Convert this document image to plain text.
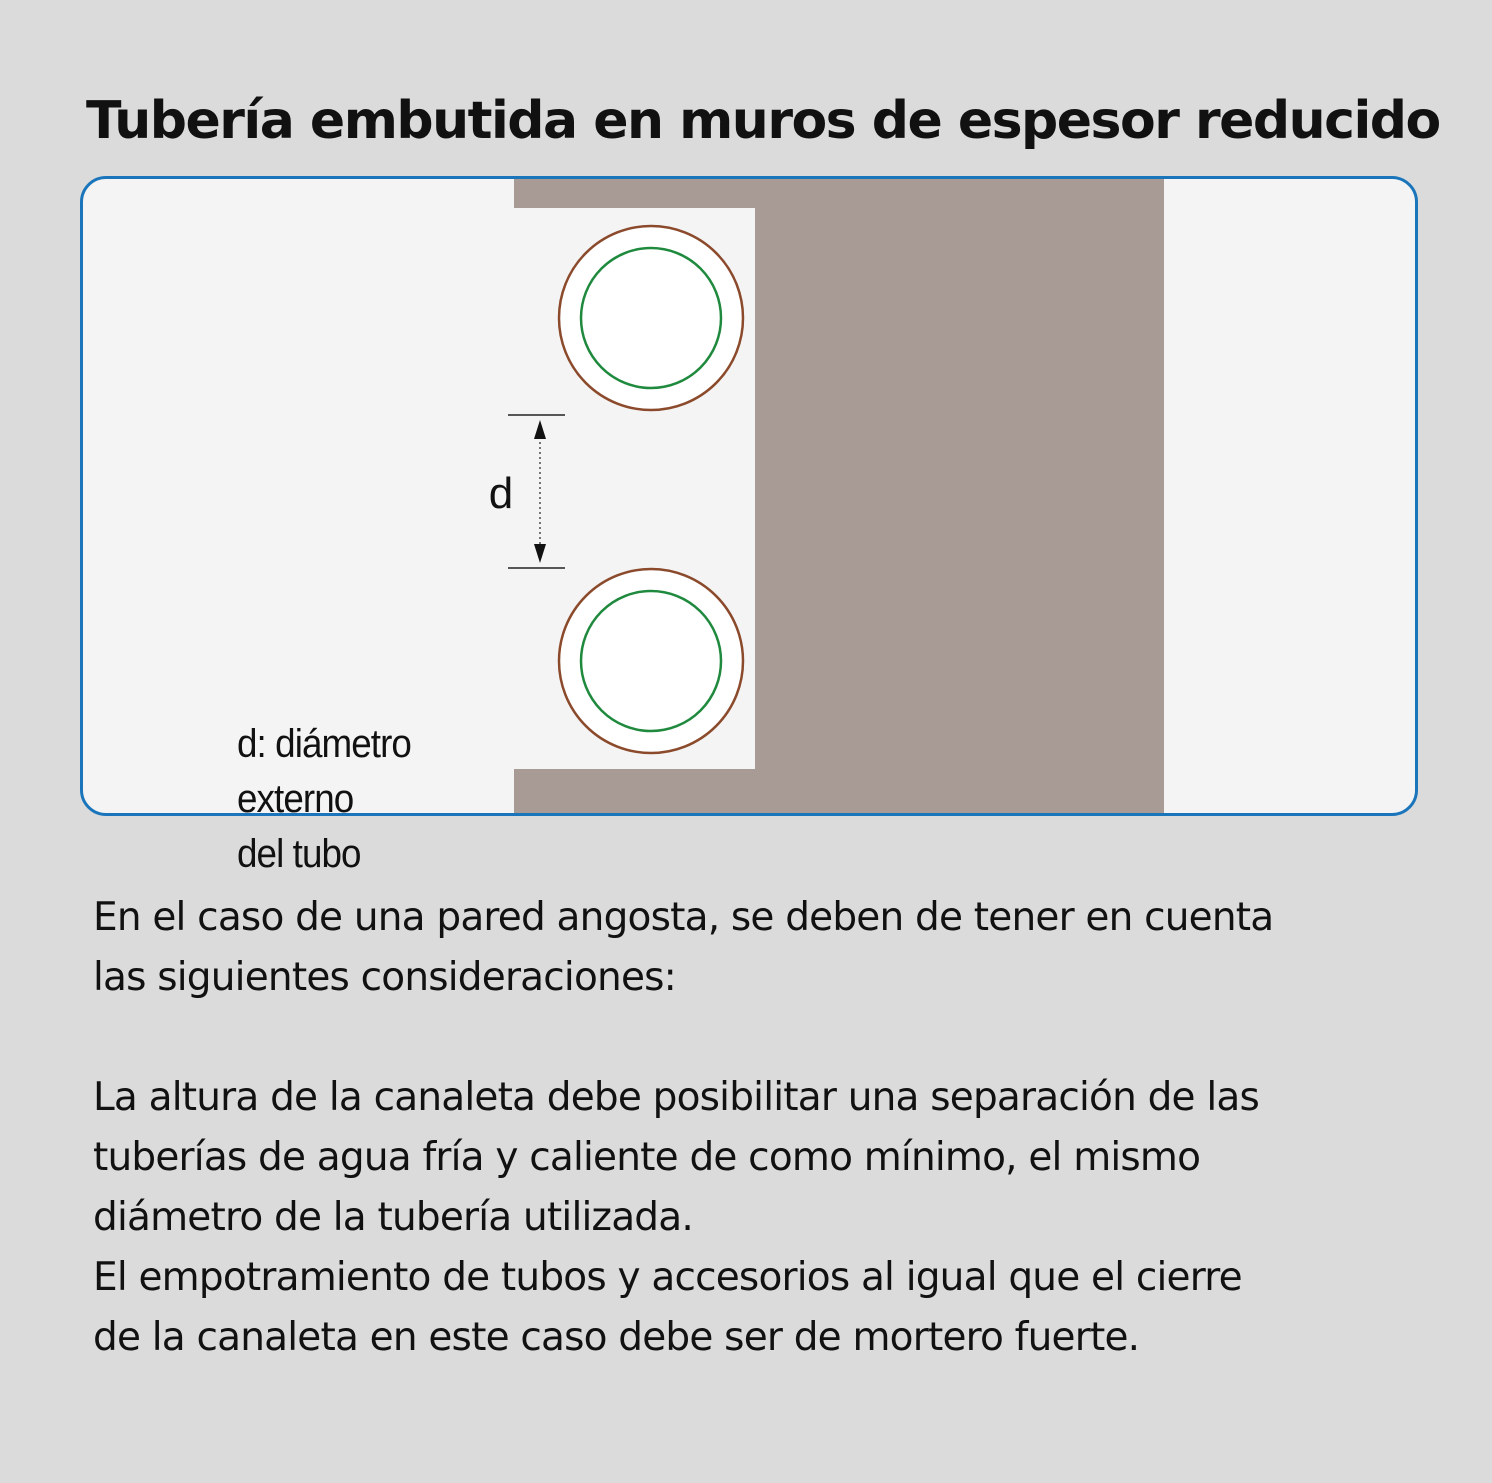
Tubería embutida en muros de espesor reducido
d
d: diámetro
externo
del tubo

En el caso de una pared angosta, se deben de tener en cuenta

las siguientes consideraciones:

La altura de la canaleta debe posibilitar una separación de las

tuberías de agua fría y caliente de como mínimo, el mismo

diámetro de la tubería utilizada.

El empotramiento de tubos y accesorios al igual que el cierre

de la canaleta en este caso debe ser de mortero fuerte.
